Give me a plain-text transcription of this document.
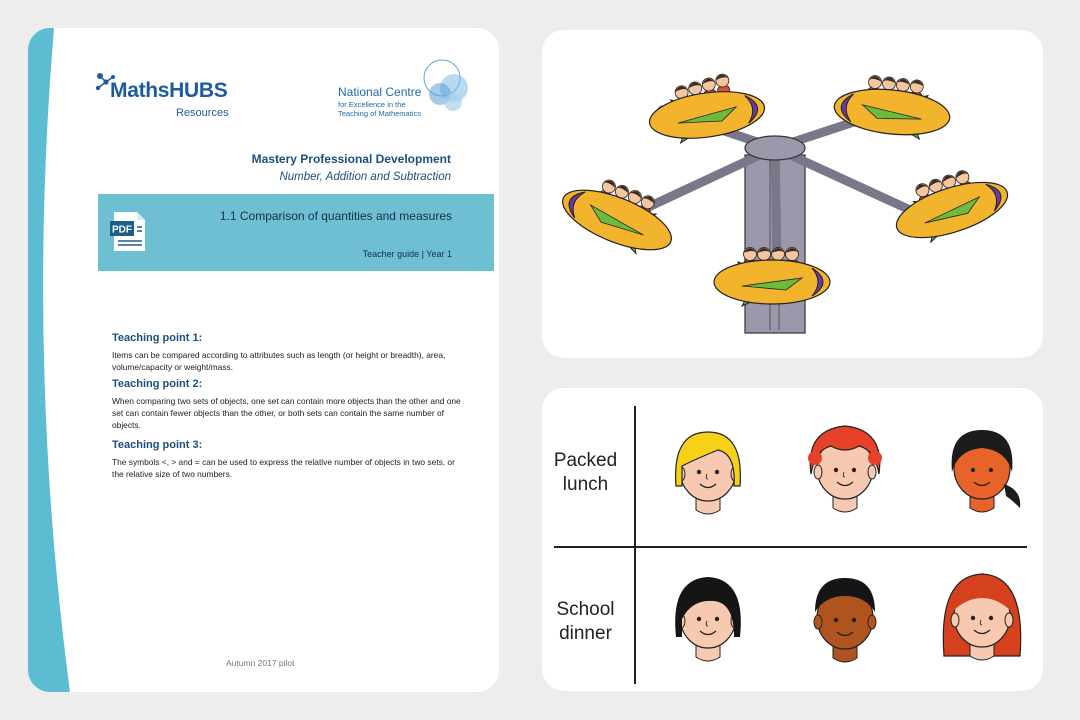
MathsHUBS
Resources
National Centre
for Excellence in the
Teaching of Mathematics
Mastery Professional Development
Number, Addition and Subtraction
PDF
1.1 Comparison of quantities and measures
Teacher guide | Year 1
Teaching point 1:
Items can be compared according to attributes such as length (or height or breadth), area, volume/capacity or weight/mass.
Teaching point 2:
When comparing two sets of objects, one set can contain more objects than the other and one set can contain fewer objects than the other, or both sets can contain the same number of objects.
Teaching point 3:
The symbols <, > and = can be used to express the relative number of objects in two sets, or the relative size of two numbers.
Autumn 2017 pilot
Packed
lunch
School
dinner
